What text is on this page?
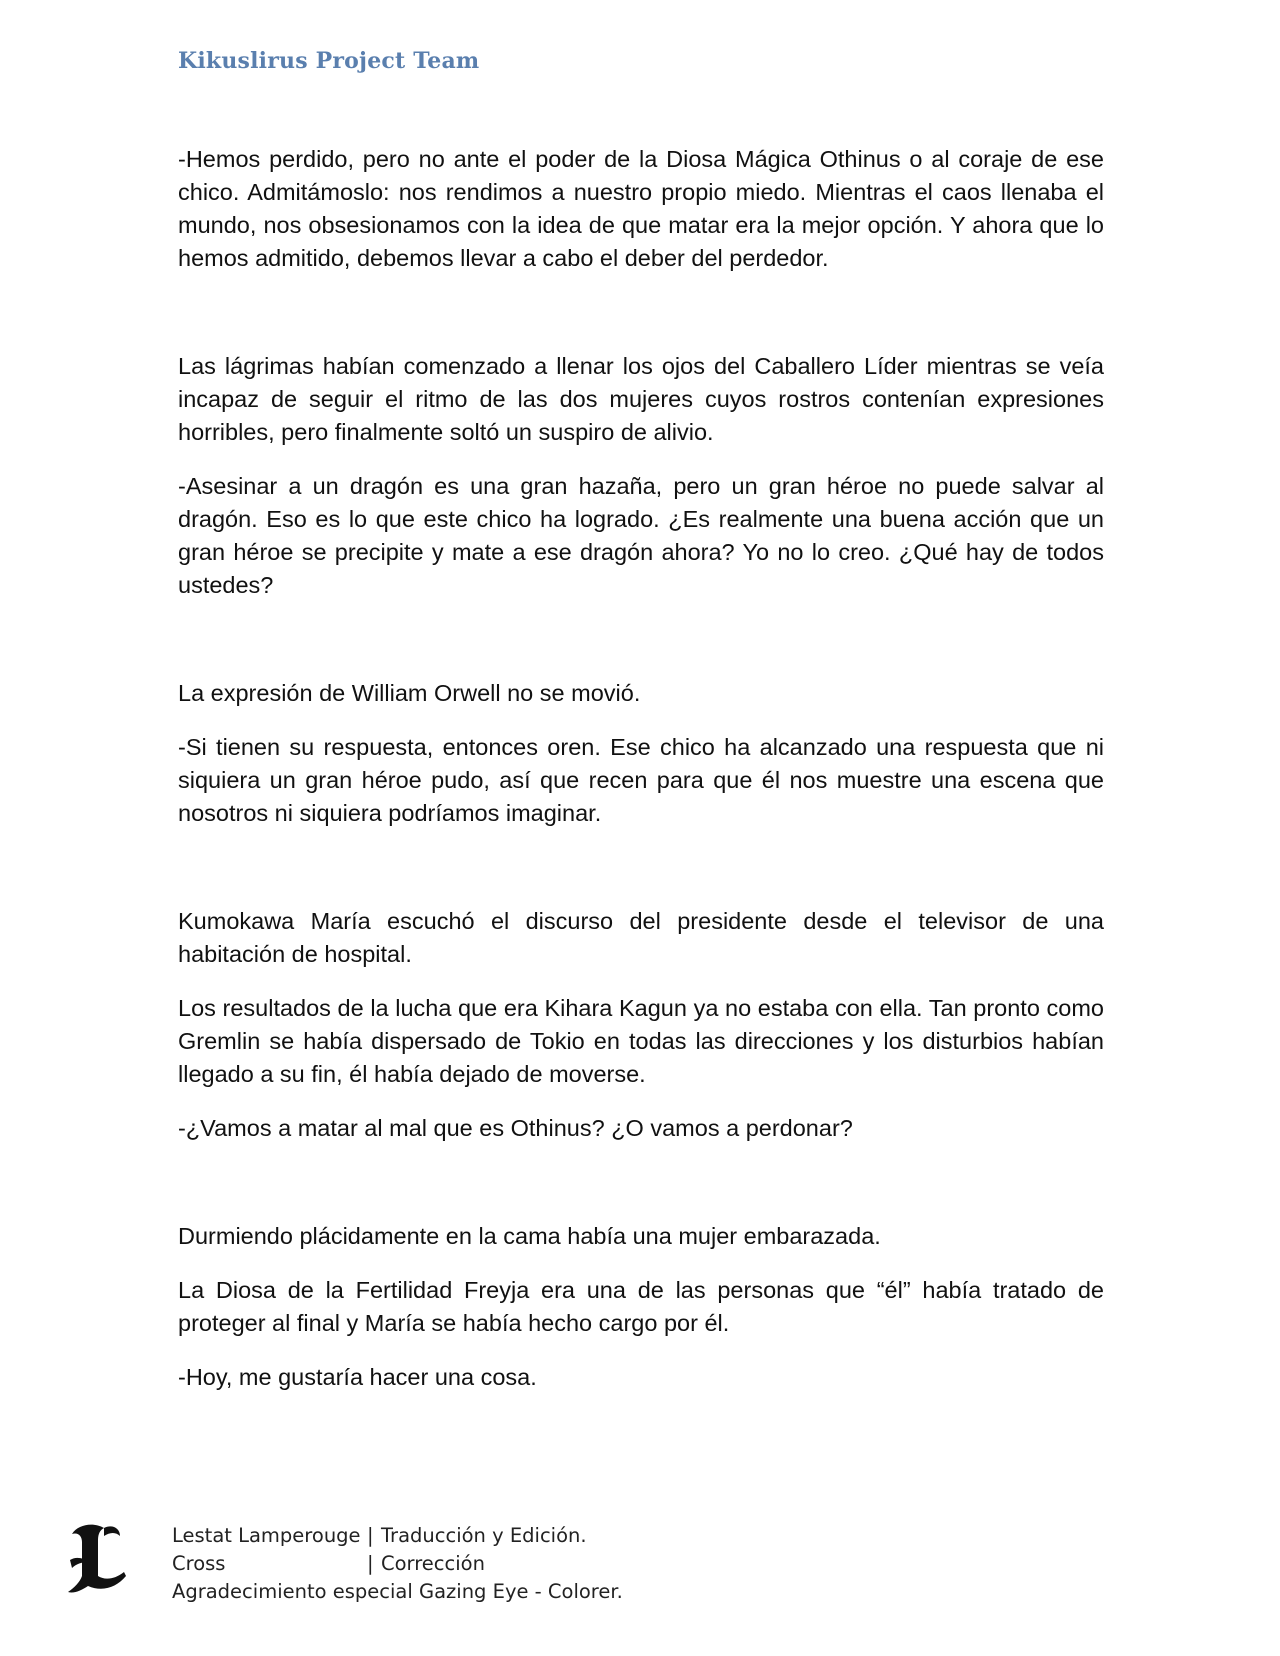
Kikuslirus Project Team

-Hemos perdido, pero no ante el poder de la Diosa Mágica Othinus o al coraje de ese chico. Admitámoslo: nos rendimos a nuestro propio miedo. Mientras el caos llenaba el mundo, nos obsesionamos con la idea de que matar era la mejor opción. Y ahora que lo hemos admitido, debemos llevar a cabo el deber del perdedor.

Las lágrimas habían comenzado a llenar los ojos del Caballero Líder mientras se veía incapaz de seguir el ritmo de las dos mujeres cuyos rostros contenían expresiones horribles, pero finalmente soltó un suspiro de alivio.

-Asesinar a un dragón es una gran hazaña, pero un gran héroe no puede salvar al dragón. Eso es lo que este chico ha logrado. ¿Es realmente una buena acción que un gran héroe se precipite y mate a ese dragón ahora? Yo no lo creo. ¿Qué hay de todos ustedes?

La expresión de William Orwell no se movió.

-Si tienen su respuesta, entonces oren. Ese chico ha alcanzado una respuesta que ni siquiera un gran héroe pudo, así que recen para que él nos muestre una escena que nosotros ni siquiera podríamos imaginar.

Kumokawa María escuchó el discurso del presidente desde el televisor de una habitación de hospital.

Los resultados de la lucha que era Kihara Kagun ya no estaba con ella. Tan pronto como Gremlin se había dispersado de Tokio en todas las direcciones y los disturbios habían llegado a su fin, él había dejado de moverse.

-¿Vamos a matar al mal que es Othinus? ¿O vamos a perdonar?

Durmiendo plácidamente en la cama había una mujer embarazada.

La Diosa de la Fertilidad Freyja era una de las personas que “él” había tratado de proteger al final y María se había hecho cargo por él.

-Hoy, me gustaría hacer una cosa.

Lestat Lamperouge | Traducción y Edición.
Cross	| Corrección
Agradecimiento especial Gazing Eye - Colorer.
